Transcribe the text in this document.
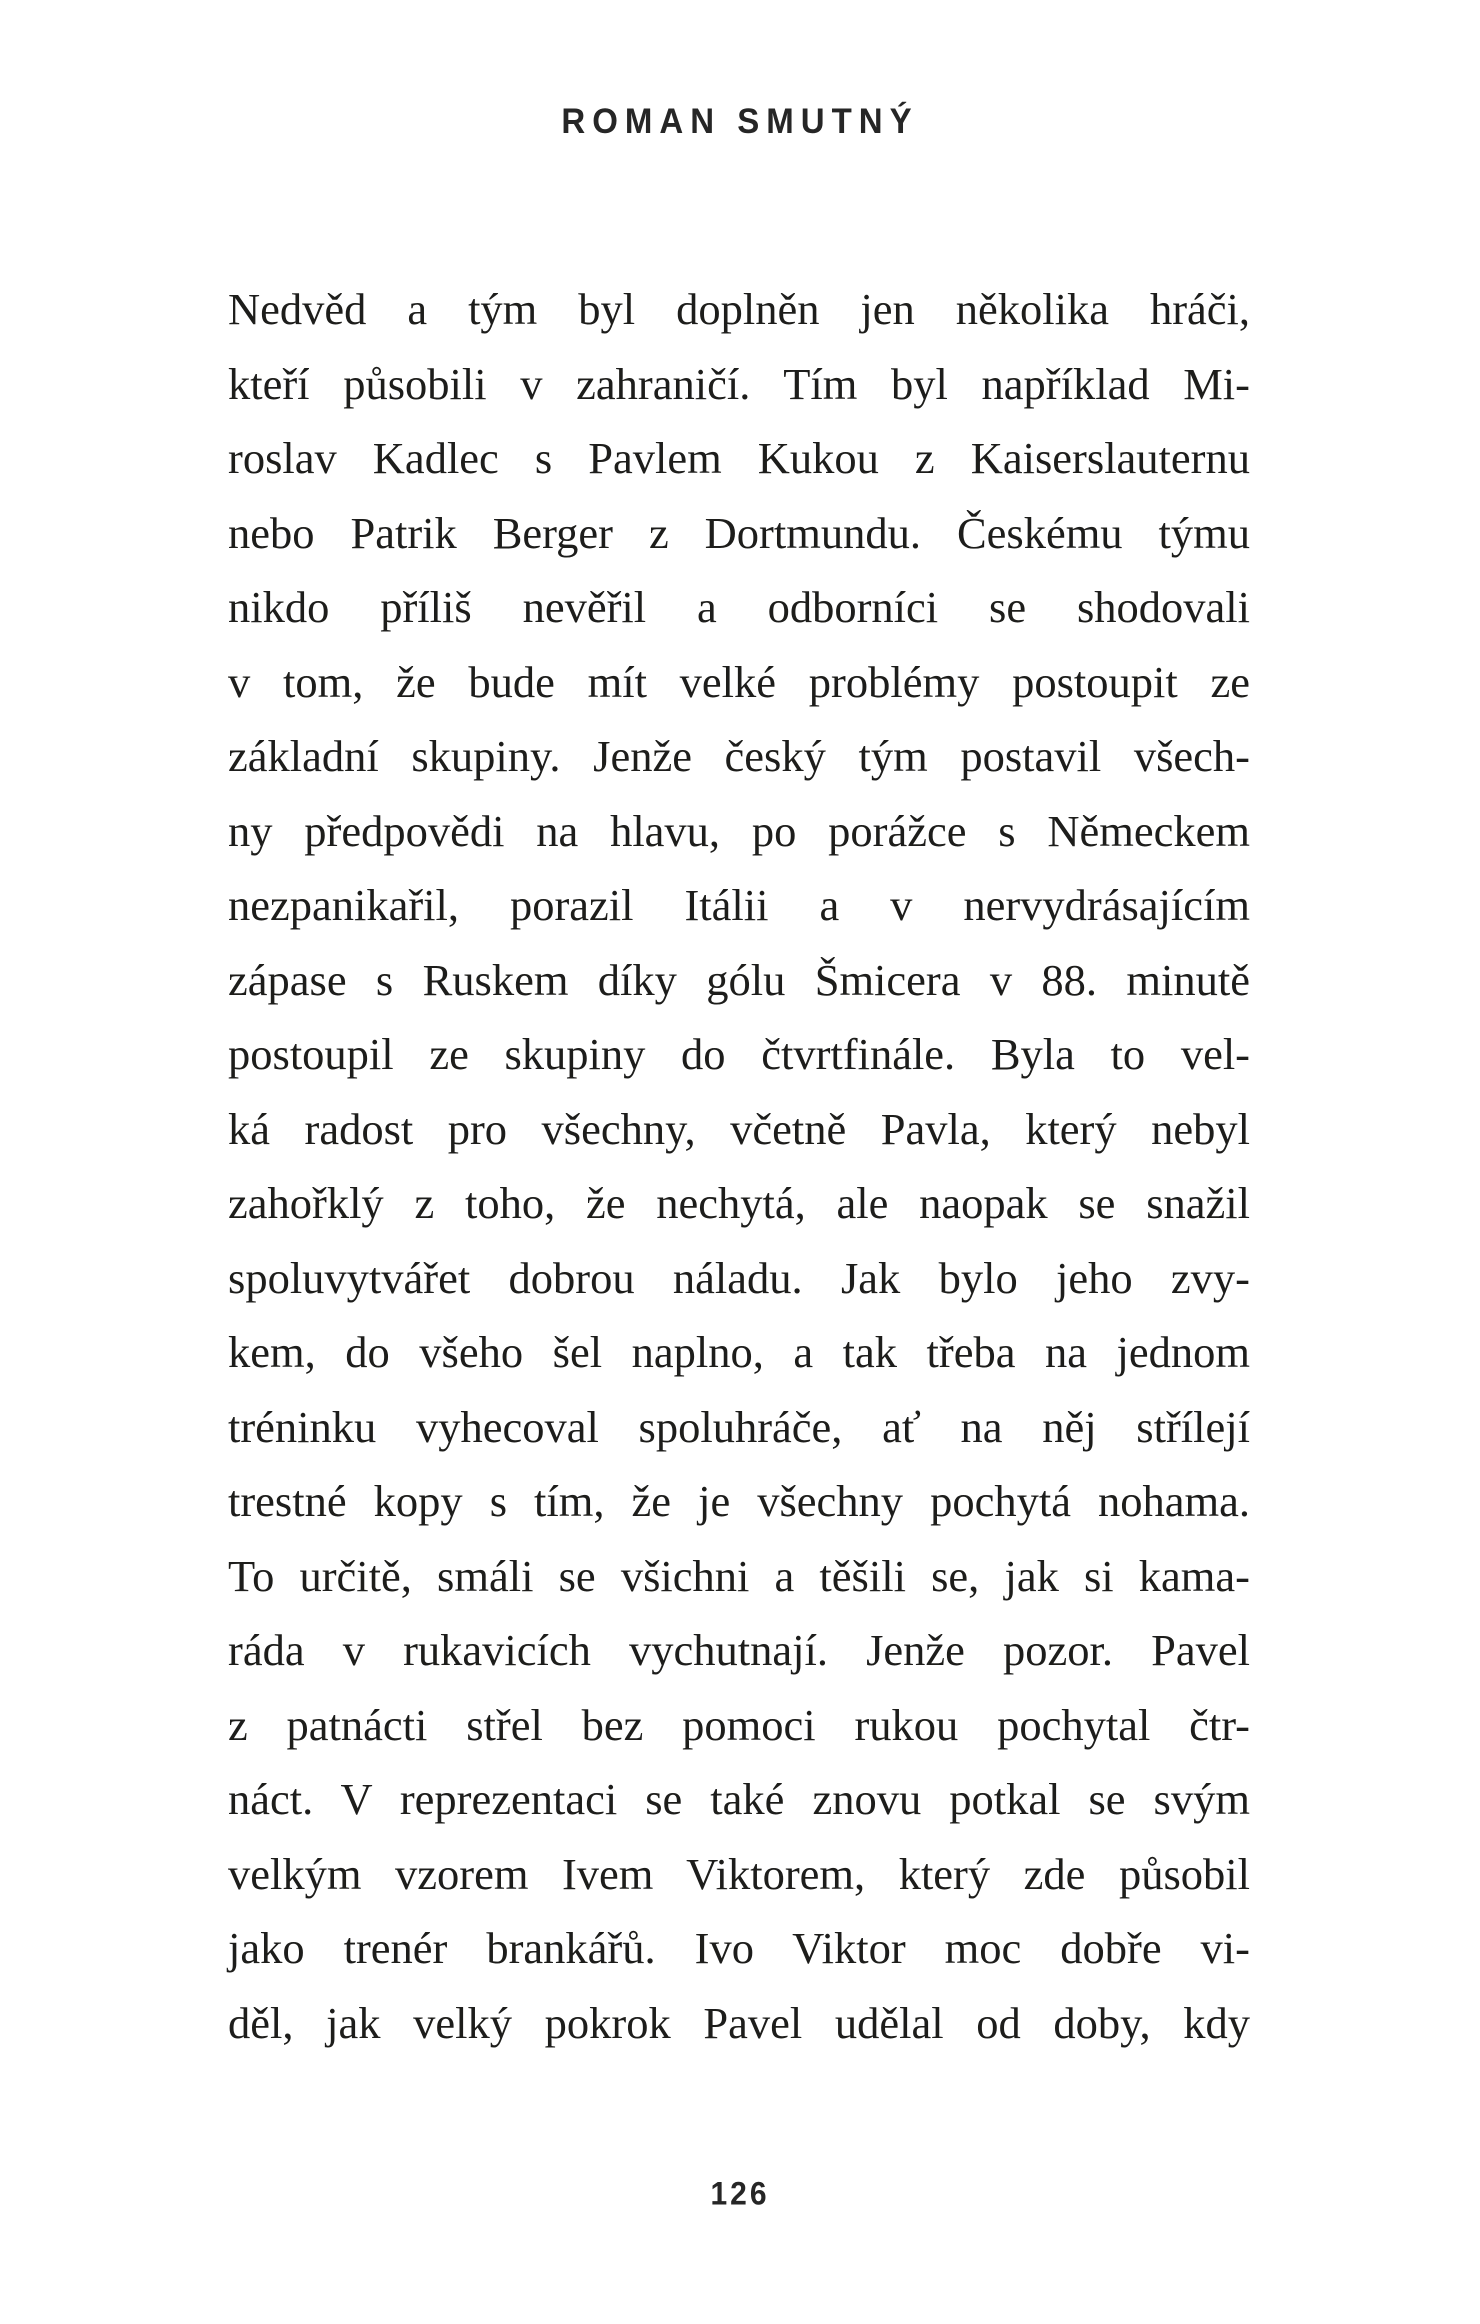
ROMAN SMUTNÝ
Nedvěd a tým byl doplněn jen několika hráči,
kteří působili v zahraničí. Tím byl například Mi-
roslav Kadlec s Pavlem Kukou z Kaiserslauternu
nebo Patrik Berger z Dortmundu. Českému týmu
nikdo příliš nevěřil a odborníci se shodovali
v tom, že bude mít velké problémy postoupit ze
základní skupiny. Jenže český tým postavil všech-
ny předpovědi na hlavu, po porážce s Německem
nezpanikařil, porazil Itálii a v nervydrásajícím
zápase s Ruskem díky gólu Šmicera v 88. minutě
postoupil ze skupiny do čtvrtfinále. Byla to vel-
ká radost pro všechny, včetně Pavla, který nebyl
zahořklý z toho, že nechytá, ale naopak se snažil
spoluvytvářet dobrou náladu. Jak bylo jeho zvy-
kem, do všeho šel naplno, a tak třeba na jednom
tréninku vyhecoval spoluhráče, ať na něj střílejí
trestné kopy s tím, že je všechny pochytá nohama.
To určitě, smáli se všichni a těšili se, jak si kama-
ráda v rukavicích vychutnají. Jenže pozor. Pavel
z patnácti střel bez pomoci rukou pochytal čtr-
náct. V reprezentaci se také znovu potkal se svým
velkým vzorem Ivem Viktorem, který zde působil
jako trenér brankářů. Ivo Viktor moc dobře vi-
děl, jak velký pokrok Pavel udělal od doby, kdy
126
